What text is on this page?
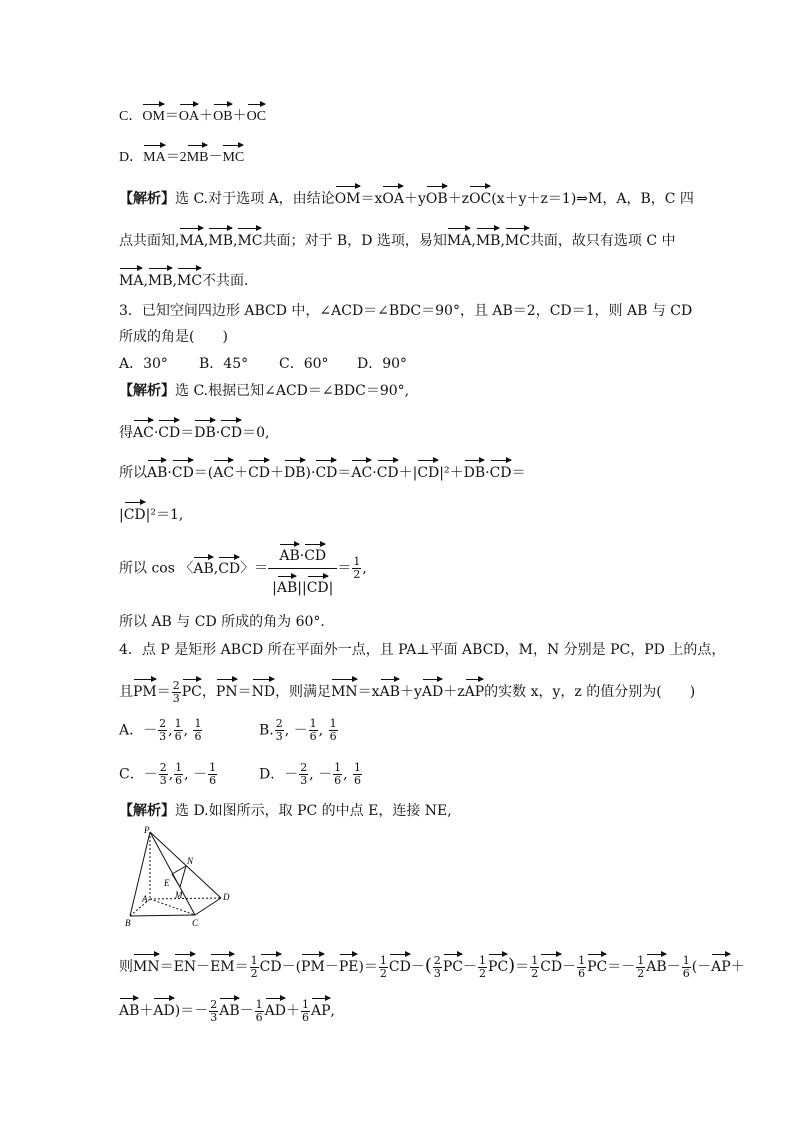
C．OM＝OA＋OB＋OC
D．MA＝2MB－MC
【解析】选 C.对于选项 A，由结论OM＝xOA＋yOB＋zOC(x＋y＋z＝1)⇒M，A，B，C 四
点共面知,MA,MB,MC共面；对于 B，D 选项，易知MA,MB,MC共面，故只有选项 C 中
MA,MB,MC不共面．
3．已知空间四边形 ABCD 中，∠ACD＝∠BDC＝90°，且 AB＝2，CD＝1，则 AB 与 CD
所成的角是(　　)
A．30° B．45° C．60° D．90°
【解析】选 C.根据已知∠ACD＝∠BDC＝90°,
得AC·CD＝DB·CD＝0,
所以AB·CD＝(AC＋CD＋DB)·CD＝AC·CD＋|CD|²＋DB·CD＝
|CD|²＝1,
所以 cos 〈AB,CD〉＝ $\frac{AB\cdot CD}{|AB||CD|} = \frac{1}{2}$ ,
所以 AB 与 CD 所成的角为 60°.
4．点 P 是矩形 ABCD 所在平面外一点，且 PA⊥平面 ABCD，M，N 分别是 PC，PD 上的点，
且$PM= \frac{2}{3}$ PC，PN＝ND，则满足MN＝xAB＋yAD＋zAP的实数 x，y，z 的值分别为(　　)
A．－ $\frac{2}{3}$ , $\frac{1}{6}$ , $\frac{1}{6}$	B. $\frac{2}{3}$ , － $\frac{1}{6}$ , $\frac{1}{6}$
C．－ $\frac{2}{3}$ , $\frac{1}{6}$ , － $\frac{1}{6}$	D．－ $\frac{2}{3}$ , － $\frac{1}{6}$ , $\frac{1}{6}$
【解析】选 D.如图所示，取 PC 的中点 E，连接 NE,
P
N
E
A	M	D
B	C
则$MN=EN-EM= \frac{1}{2} CD-(PM-PE)= \frac{1}{2} CD-( \frac{2}{3} PC- \frac{1}{2} PC)= \frac{1}{2} CD- \frac{1}{6} PC=- \frac{1}{2} AB- \frac{1}{6} (-AP+$
$AB+AD)=- \frac{2}{3} AB- \frac{1}{6} AD+ \frac{1}{6}$ AP,
